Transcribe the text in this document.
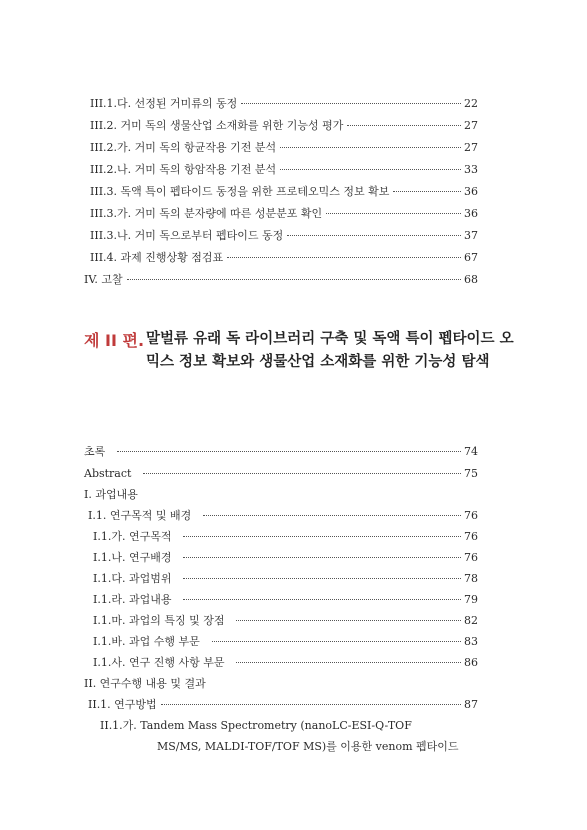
III.1.다. 선정된 거미류의 동정	22
III.2. 거미 독의 생물산업 소재화를 위한 기능성 평가	27
III.2.가. 거미 독의 항균작용 기전 분석	27
III.2.나. 거미 독의 항암작용 기전 분석	33
III.3. 독액 특이 펩타이드 동정을 위한 프로테오믹스 정보 확보	36
III.3.가. 거미 독의 분자량에 따른 성분분포 확인	36
III.3.나. 거미 독으로부터 펩타이드 동정	37
III.4. 과제 진행상황 점검표	67
IV. 고찰	68
제 II 편. 말벌류 유래 독 라이브러리 구축 및 독액 특이 펩타이드 오믹스 정보 확보와 생물산업 소재화를 위한 기능성 탐색
초록	74
Abstract	75
I. 과업내용
I.1. 연구목적 및 배경	76
I.1.가. 연구목적	76
I.1.나. 연구배경	76
I.1.다. 과업범위	78
I.1.라. 과업내용	79
I.1.마. 과업의 특징 및 장점	82
I.1.바. 과업 수행 부문	83
I.1.사. 연구 진행 사항 부문	86
II. 연구수행 내용 및 결과
II.1. 연구방법	87
II.1.가. Tandem Mass Spectrometry (nanoLC-ESI-Q-TOF
MS/MS, MALDI-TOF/TOF MS)를 이용한 venom 펩타이드
